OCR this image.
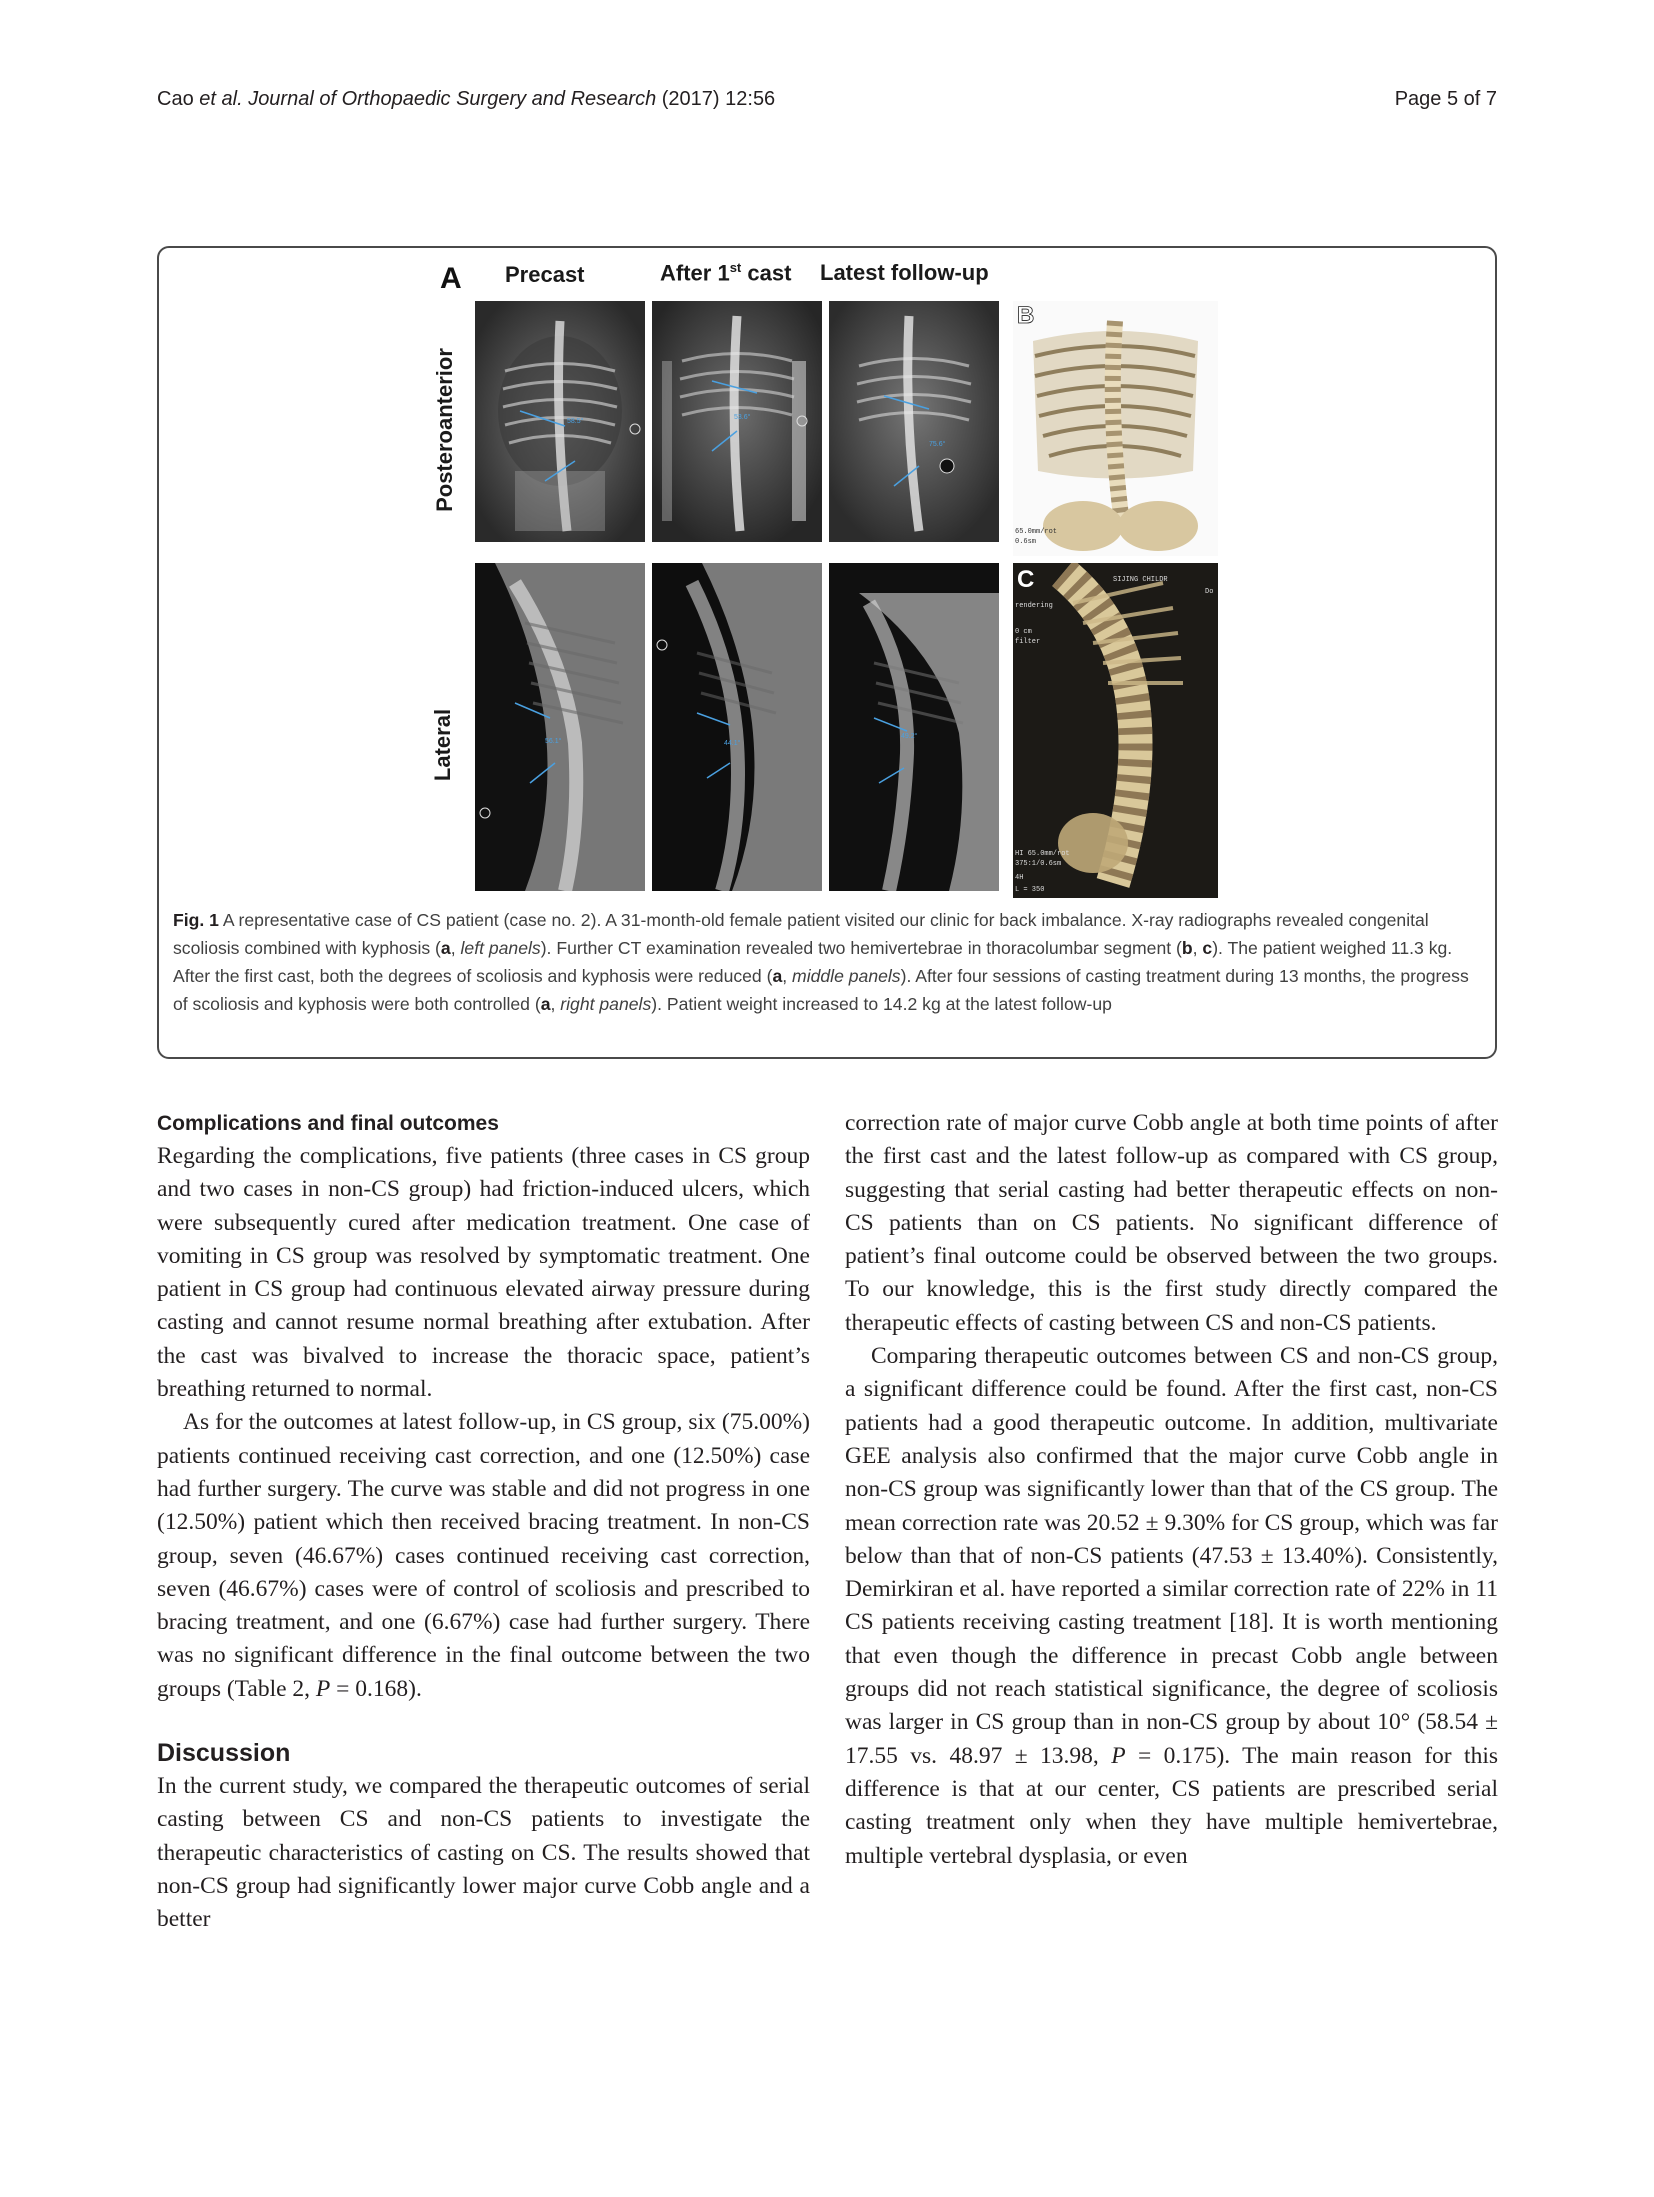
Cao et al. Journal of Orthopaedic Surgery and Research (2017) 12:56	Page 5 of 7
A Precast	After 1st cast Latest follow-up
Posteroanterior
Lateral
58.5°
53.6°
75.6°
B
65.0mm/rot
0.6sm
56.1°	44.1°
49.2°
C	SIJING CHILDR
Do
rendering
0 cm
filter
HI 65.0mm/rot
375:1/0.6sm
4H
L = 350
Fig. 1 A representative case of CS patient (case no. 2). A 31-month-old female patient visited our clinic for back imbalance. X-ray radiographs revealed congenital scoliosis combined with kyphosis (a, left panels). Further CT examination revealed two hemivertebrae in thoracolumbar segment (b, c). The patient weighed 11.3 kg. After the first cast, both the degrees of scoliosis and kyphosis were reduced (a, middle panels). After four sessions of casting treatment during 13 months, the progress of scoliosis and kyphosis were both controlled (a, right panels). Patient weight increased to 14.2 kg at the latest follow-up
Complications and final outcomes

Regarding the complications, five patients (three cases in CS group and two cases in non-CS group) had friction-induced ulcers, which were subsequently cured after medication treatment. One case of vomiting in CS group was resolved by symptomatic treatment. One patient in CS group had continuous elevated airway pressure during casting and cannot resume normal breathing after extubation. After the cast was bivalved to increase the thoracic space, patient’s breathing returned to normal.

As for the outcomes at latest follow-up, in CS group, six (75.00%) patients continued receiving cast correction, and one (12.50%) case had further surgery. The curve was stable and did not progress in one (12.50%) patient which then received bracing treatment. In non-CS group, seven (46.67%) cases continued receiving cast correction, seven (46.67%) cases were of control of scoliosis and prescribed to bracing treatment, and one (6.67%) case had further surgery. There was no significant difference in the final outcome between the two groups (Table 2, P = 0.168).

Discussion

In the current study, we compared the therapeutic outcomes of serial casting between CS and non-CS patients to investigate the therapeutic characteristics of casting on CS. The results showed that non-CS group had significantly lower major curve Cobb angle and a better

correction rate of major curve Cobb angle at both time points of after the first cast and the latest follow-up as compared with CS group, suggesting that serial casting had better therapeutic effects on non-CS patients than on CS patients. No significant difference of patient’s final outcome could be observed between the two groups. To our knowledge, this is the first study directly compared the therapeutic effects of casting between CS and non-CS patients.

Comparing therapeutic outcomes between CS and non-CS group, a significant difference could be found. After the first cast, non-CS patients had a good therapeutic outcome. In addition, multivariate GEE analysis also confirmed that the major curve Cobb angle in non-CS group was significantly lower than that of the CS group. The mean correction rate was 20.52 ± 9.30% for CS group, which was far below than that of non-CS patients (47.53 ± 13.40%). Consistently, Demirkiran et al. have reported a similar correction rate of 22% in 11 CS patients receiving casting treatment [18]. It is worth mentioning that even though the difference in precast Cobb angle between groups did not reach statistical significance, the degree of scoliosis was larger in CS group than in non-CS group by about 10° (58.54 ± 17.55 vs. 48.97 ± 13.98, P = 0.175). The main reason for this difference is that at our center, CS patients are prescribed serial casting treatment only when they have multiple hemivertebrae, multiple vertebral dysplasia, or even
